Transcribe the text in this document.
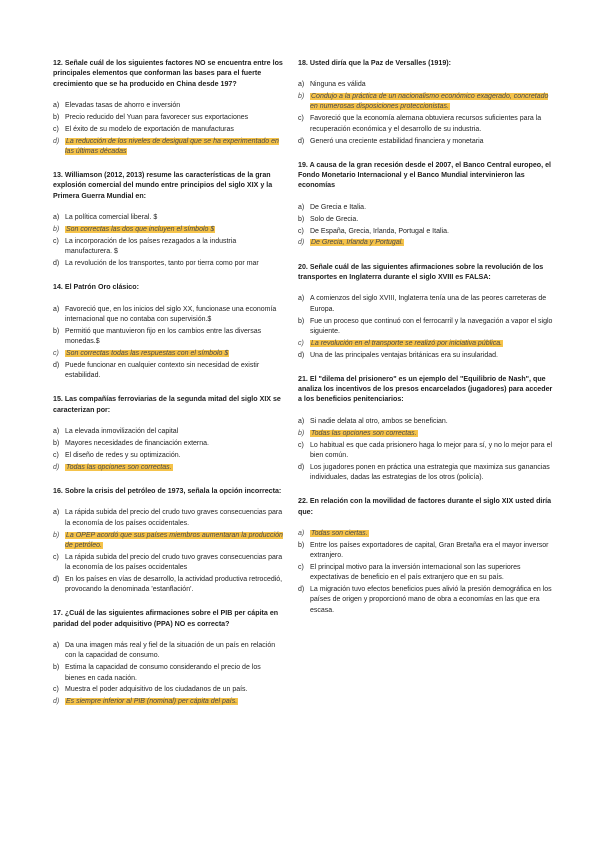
12. Señale cuál de los siguientes factores NO se encuentra entre los principales elementos que conforman las bases para el fuerte crecimiento que se ha producido en China desde 197?

a) Elevadas tasas de ahorro e inversión
b) Precio reducido del Yuan para favorecer sus exportaciones
c) El éxito de su modelo de exportación de manufacturas
d) La reducción de los niveles de desigual que se ha experimentado en las últimas décadas

13. Williamson (2012, 2013) resume las características de la gran explosión comercial del mundo entre principios del siglo XIX y la Primera Guerra Mundial en:

a) La política comercial liberal. $
b) Son correctas las dos que incluyen el símbolo $
c) La incorporación de los países rezagados a la industria manufacturera. $
d) La revolución de los transportes, tanto por tierra como por mar

14. El Patrón Oro clásico:

a) Favoreció que, en los inicios del siglo XX, funcionase una economía internacional que no contaba con supervisión.$
b) Permitió que mantuvieron fijo en los cambios entre las diversas monedas.$
c)	Son correctas todas las respuestas con el símbolo $
d) Puede funcionar en cualquier contexto sin necesidad de existir estabilidad.

15. Las compañías ferroviarias de la segunda mitad del siglo XIX se caracterizan por:

a) La elevada inmovilización del capital
b) Mayores necesidades de financiación externa.
c) El diseño de redes y su optimización.
d) Todas las opciones son correctas.

16. Sobre la crisis del petróleo de 1973, señala la opción incorrecta:

a) La rápida subida del precio del crudo tuvo graves consecuencias para la economía de los países occidentales.
b) La OPEP acordó que sus países miembros aumentaran la producción de petróleo.
c) La rápida subida del precio del crudo tuvo graves consecuencias para la economía de los países occidentales
d) En los países en vías de desarrollo, la actividad productiva retrocedió, provocando la denominada 'estanflación'.

17. ¿Cuál de las siguientes afirmaciones sobre el PIB per cápita en paridad del poder adquisitivo (PPA) NO es correcta?

a) Da una imagen más real y fiel de la situación de un país en relación con la capacidad de consumo.
b) Estima la capacidad de consumo considerando el precio de los bienes en cada nación.
c) Muestra el poder adquisitivo de los ciudadanos de un país.
d) Es siempre inferior al PIB (nominal) per cápita del país.

18. Usted diría que la Paz de Versalles (1919):

a) Ninguna es válida
b) Condujo a la práctica de un nacionalismo económico exagerado, concretado en numerosas disposiciones proteccionistas.
c) Favoreció que la economía alemana obtuviera recursos suficientes para la recuperación económica y el desarrollo de su industria.
d) Generó una creciente estabilidad financiera y monetaria

19. A causa de la gran recesión desde el 2007, el Banco Central europeo, el Fondo Monetario Internacional y el Banco Mundial intervinieron las economías

a) De Grecia e Italia.
b) Solo de Grecia.
c) De España, Grecia, Irlanda, Portugal e Italia.
d) De Grecia, Irlanda y Portugal.

20. Señale cuál de las siguientes afirmaciones sobre la revolución de los transportes en Inglaterra durante el siglo XVIII es FALSA:

a) A comienzos del siglo XVIII, Inglaterra tenía una de las peores carreteras de Europa.
b) Fue un proceso que continuó con el ferrocarril y la navegación a vapor el siglo siguiente.
c)	La revolución en el transporte se realizó por iniciativa pública.
d) Una de las principales ventajas británicas era su insularidad.

21. El "dilema del prisionero" es un ejemplo del "Equilibrio de Nash", que analiza los incentivos de los presos encarcelados (jugadores) para acceder a los beneficios penitenciarios:

a) Si nadie delata al otro, ambos se benefician.
b) Todas las opciones son correctas.
c) Lo habitual es que cada prisionero haga lo mejor para sí, y no lo mejor para el bien común.
d) Los jugadores ponen en práctica una estrategia que maximiza sus ganancias individuales, dadas las estrategias de los otros (policía).

22. En relación con la movilidad de factores durante el siglo XIX usted diría que:

a) Todas son ciertas.
b) Entre los países exportadores de capital, Gran Bretaña era el mayor inversor extranjero.
c) El principal motivo para la inversión internacional son las superiores expectativas de beneficio en el país extranjero que en su país.
d) La migración tuvo efectos beneficios pues alivió la presión demográfica en los países de origen y proporcionó mano de obra a economías en las que era escasa.
